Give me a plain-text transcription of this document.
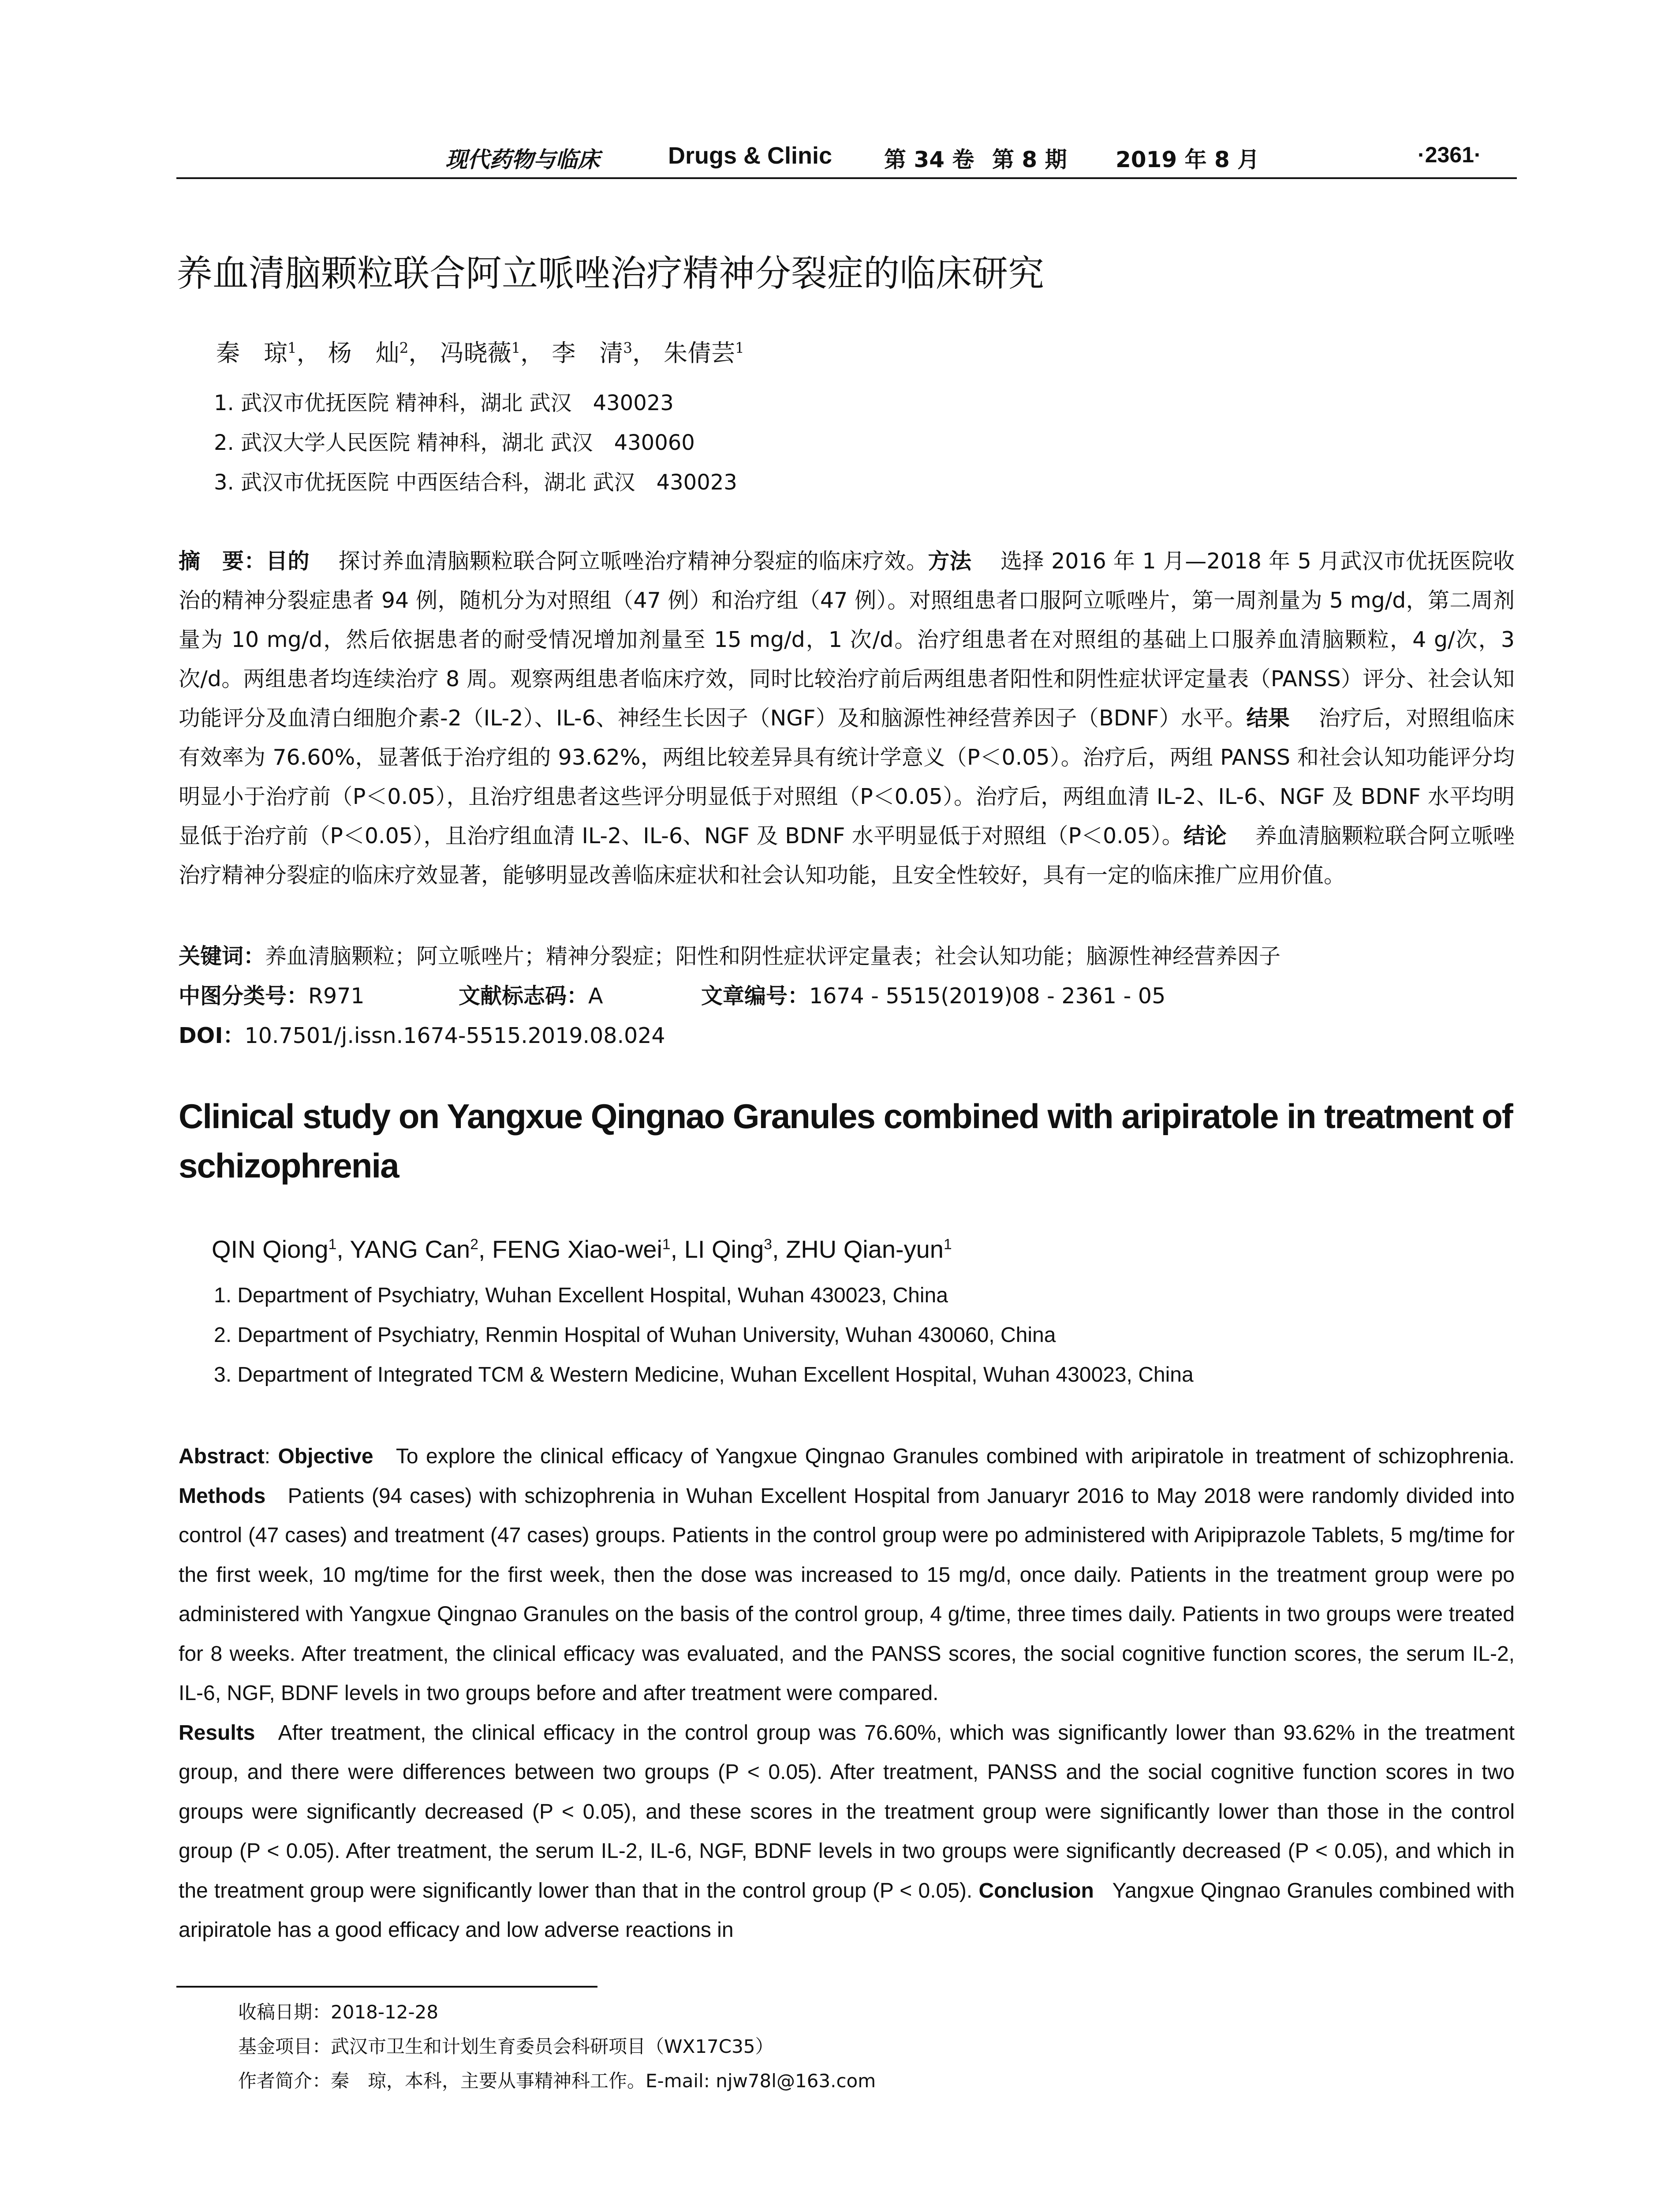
现代药物与临床	Drugs & Clinic 第 34 卷 第 8 期 2019 年 8 月	·2361·
养血清脑颗粒联合阿立哌唑治疗精神分裂症的临床研究
秦　琼$^1$， 杨　灿$^2$， 冯晓薇$^1$， 李　清$^3$， 朱倩芸$^1$
1. 武汉市优抚医院 精神科，湖北 武汉　430023
2. 武汉大学人民医院 精神科，湖北 武汉　430060
3. 武汉市优抚医院 中西医结合科，湖北 武汉　430023
摘　要：目的　 探讨养血清脑颗粒联合阿立哌唑治疗精神分裂症的临床疗效。方法　 选择 2016 年 1 月—2018 年 5 月武汉市优抚医院收治的精神分裂症患者 94 例，随机分为对照组（47 例）和治疗组（47 例）。对照组患者口服阿立哌唑片，第一周剂量为 5 mg/d，第二周剂量为 10 mg/d，然后依据患者的耐受情况增加剂量至 15 mg/d，1 次/d。治疗组患者在对照组的基础上口服养血清脑颗粒，4 g/次，3 次/d。两组患者均连续治疗 8 周。观察两组患者临床疗效，同时比较治疗前后两组患者阳性和阴性症状评定量表（PANSS）评分、社会认知功能评分及血清白细胞介素-2（IL-2）、IL-6、神经生长因子（NGF）及和脑源性神经营养因子（BDNF）水平。结果　 治疗后，对照组临床有效率为 76.60%，显著低于治疗组的 93.62%，两组比较差异具有统计学意义（P＜0.05）。治疗后，两组 PANSS 和社会认知功能评分均明显小于治疗前（P＜0.05），且治疗组患者这些评分明显低于对照组（P＜0.05）。治疗后，两组血清 IL-2、IL-6、NGF 及 BDNF 水平均明显低于治疗前（P＜0.05），且治疗组血清 IL-2、IL-6、NGF 及 BDNF 水平明显低于对照组（P＜0.05）。结论　 养血清脑颗粒联合阿立哌唑治疗精神分裂症的临床疗效显著，能够明显改善临床症状和社会认知功能，且安全性较好，具有一定的临床推广应用价值。
关键词：养血清脑颗粒；阿立哌唑片；精神分裂症；阳性和阴性症状评定量表；社会认知功能；脑源性神经营养因子
中图分类号：R971	文献标志码：A	文章编号：1674 - 5515(2019)08 - 2361 - 05
DOI：10.7501/j.issn.1674-5515.2019.08.024
Clinical study on Yangxue Qingnao Granules combined with aripiratole in treatment of schizophrenia
QIN Qiong$^1$, YANG Can$^2$, FENG Xiao-wei$^1$, LI Qing$^3$, ZHU Qian-yun$^1$
1. Department of Psychiatry, Wuhan Excellent Hospital, Wuhan 430023, China
2. Department of Psychiatry, Renmin Hospital of Wuhan University, Wuhan 430060, China
3. Department of Integrated TCM & Western Medicine, Wuhan Excellent Hospital, Wuhan 430023, China
Abstract: Objective To explore the clinical efficacy of Yangxue Qingnao Granules combined with aripiratole in treatment of schizophrenia. Methods Patients (94 cases) with schizophrenia in Wuhan Excellent Hospital from Januaryr 2016 to May 2018 were randomly divided into control (47 cases) and treatment (47 cases) groups. Patients in the control group were po administered with Aripiprazole Tablets, 5 mg/time for the first week, 10 mg/time for the first week, then the dose was increased to 15 mg/d, once daily. Patients in the treatment group were po administered with Yangxue Qingnao Granules on the basis of the control group, 4 g/time, three times daily. Patients in two groups were treated for 8 weeks. After treatment, the clinical efficacy was evaluated, and the PANSS scores, the social cognitive function scores, the serum IL-2, IL-6, NGF, BDNF levels in two groups before and after treatment were compared.
Results After treatment, the clinical efficacy in the control group was 76.60%, which was significantly lower than 93.62% in the treatment group, and there were differences between two groups (P < 0.05). After treatment, PANSS and the social cognitive function scores in two groups were significantly decreased (P < 0.05), and these scores in the treatment group were significantly lower than those in the control group (P < 0.05). After treatment, the serum IL-2, IL-6, NGF, BDNF levels in two groups were significantly decreased (P < 0.05), and which in the treatment group were significantly lower than that in the control group (P < 0.05). Conclusion Yangxue Qingnao Granules combined with aripiratole has a good efficacy and low adverse reactions in
收稿日期：2018-12-28
基金项目：武汉市卫生和计划生育委员会科研项目（WX17C35）
作者简介：秦　琼，本科，主要从事精神科工作。E-mail: njw78l@163.com
